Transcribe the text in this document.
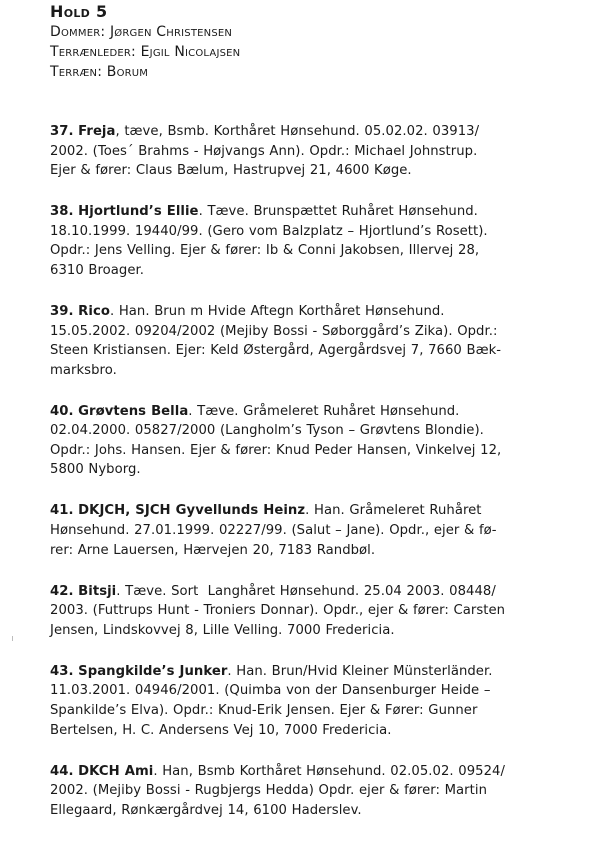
Hold 5

Dommer: Jørgen Christensen

Terrænleder: Ejgil Nicolajsen

Terræn: Borum

37. Freja, tæve, Bsmb. Korthåret Hønsehund. 05.02.02. 03913/
2002. (Toes´ Brahms - Højvangs Ann). Opdr.: Michael Johnstrup.
Ejer & fører: Claus Bælum, Hastrupvej 21, 4600 Køge.

38. Hjortlund’s Ellie. Tæve. Brunspættet Ruhåret Hønsehund.
18.10.1999. 19440/99. (Gero vom Balzplatz – Hjortlund’s Rosett).
Opdr.: Jens Velling. Ejer & fører: Ib & Conni Jakobsen, Illervej 28,
6310 Broager.

39. Rico. Han. Brun m Hvide Aftegn Korthåret Hønsehund.
15.05.2002. 09204/2002 (Mejiby Bossi - Søborggård’s Zika). Opdr.:
Steen Kristiansen. Ejer: Keld Østergård, Agergårdsvej 7, 7660 Bæk-
marksbro.

40. Grøvtens Bella. Tæve. Gråmeleret Ruhåret Hønsehund.
02.04.2000. 05827/2000 (Langholm’s Tyson – Grøvtens Blondie).
Opdr.: Johs. Hansen. Ejer & fører: Knud Peder Hansen, Vinkelvej 12,
5800 Nyborg.

41. DKJCH, SJCH Gyvellunds Heinz. Han. Gråmeleret Ruhåret
Hønsehund. 27.01.1999. 02227/99. (Salut – Jane). Opdr., ejer & fø-
rer: Arne Lauersen, Hærvejen 20, 7183 Randbøl.

42. Bitsji. Tæve. Sort  Langhåret Hønsehund. 25.04 2003. 08448/
2003. (Futtrups Hunt - Troniers Donnar). Opdr., ejer & fører: Carsten
Jensen, Lindskovvej 8, Lille Velling. 7000 Fredericia.

43. Spangkilde’s Junker. Han. Brun/Hvid Kleiner Münsterländer.
11.03.2001. 04946/2001. (Quimba von der Dansenburger Heide –
Spankilde’s Elva). Opdr.: Knud-Erik Jensen. Ejer & Fører: Gunner
Bertelsen, H. C. Andersens Vej 10, 7000 Fredericia.

44. DKCH Ami. Han, Bsmb Korthåret Hønsehund. 02.05.02. 09524/
2002. (Mejiby Bossi - Rugbjergs Hedda) Opdr. ejer & fører: Martin
Ellegaard, Rønkærgårdvej 14, 6100 Haderslev.
